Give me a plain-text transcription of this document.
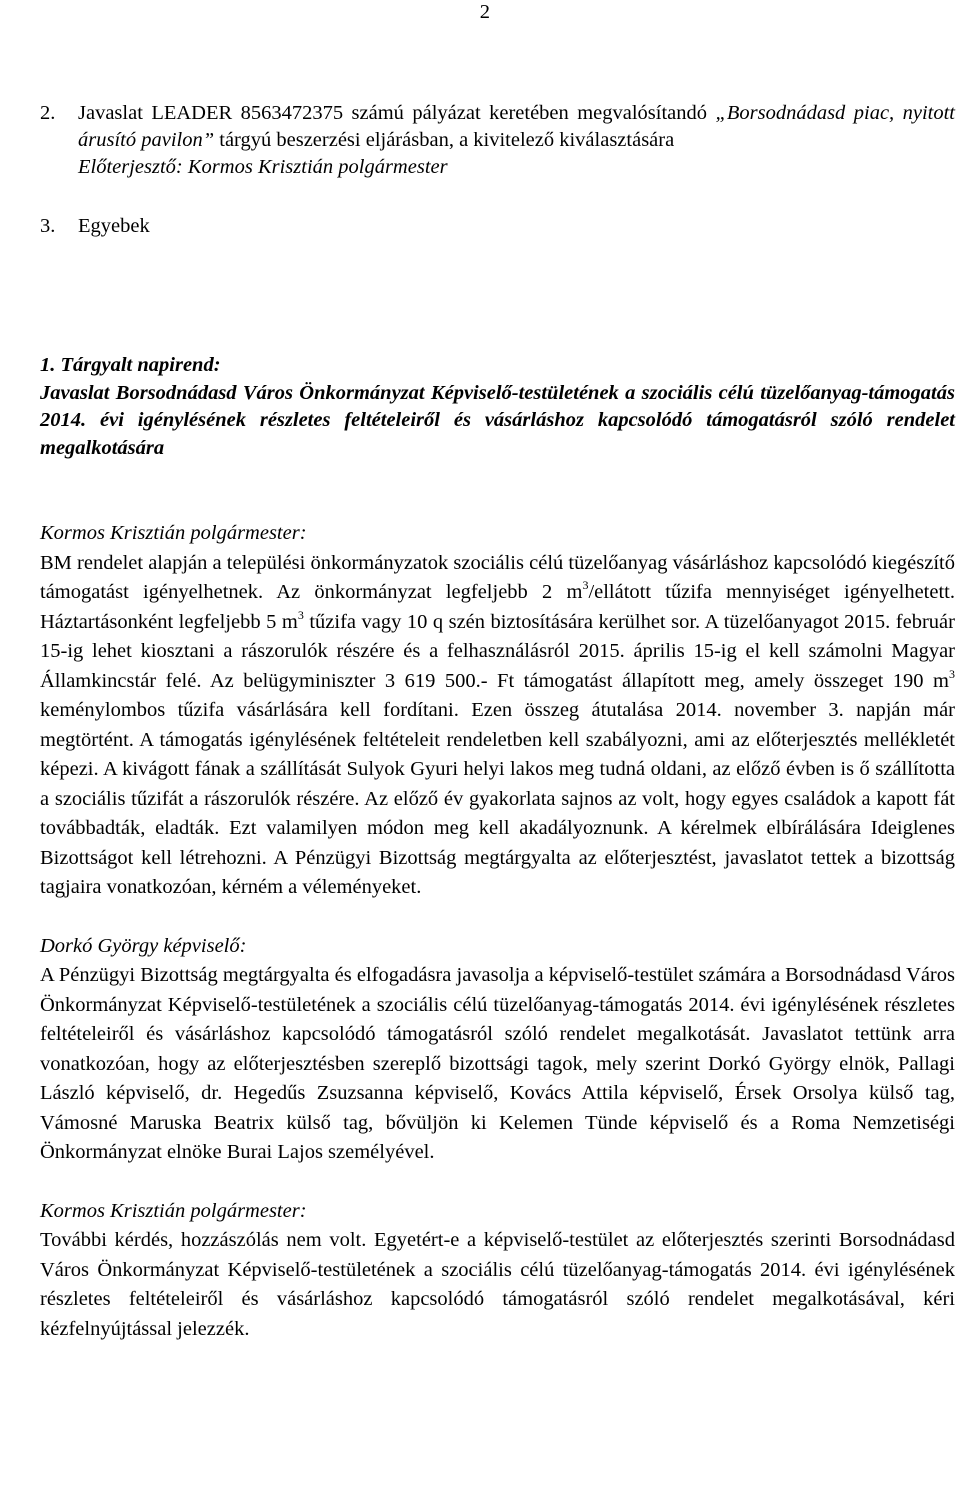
2
2. Javaslat LEADER 8563472375 számú pályázat keretében megvalósítandó „Borsodnádasd piac, nyitott árusító pavilon” tárgyú beszerzési eljárásban, a kivitelező kiválasztására
Előterjesztő: Kormos Krisztián polgármester
3. Egyebek
1. Tárgyalt napirend:
Javaslat Borsodnádasd Város Önkormányzat Képviselő-testületének a szociális célú tüzelőanyag-támogatás 2014. évi igénylésének részletes feltételeiről és vásárláshoz kapcsolódó támogatásról szóló rendelet megalkotására
Kormos Krisztián polgármester:
BM rendelet alapján a települési önkormányzatok szociális célú tüzelőanyag vásárláshoz kapcsolódó kiegészítő támogatást igényelhetnek. Az önkormányzat legfeljebb 2 $m^3$/ellátott tűzifa mennyiséget igényelhetett. Háztartásonként legfeljebb 5 $m^3$ tűzifa vagy 10 q szén biztosítására kerülhet sor. A tüzelőanyagot 2015. február 15-ig lehet kiosztani a rászorulók részére és a felhasználásról 2015. április 15-ig el kell számolni Magyar Államkincstár felé. Az belügyminiszter 3 619 500.- Ft támogatást állapított meg, amely összeget 190 $m^3$ keménylombos tűzifa vásárlására kell fordítani. Ezen összeg átutalása 2014. november 3. napján már megtörtént. A támogatás igénylésének feltételeit rendeletben kell szabályozni, ami az előterjesztés mellékletét képezi. A kivágott fának a szállítását Sulyok Gyuri helyi lakos meg tudná oldani, az előző évben is ő szállította a szociális tűzifát a rászorulók részére. Az előző év gyakorlata sajnos az volt, hogy egyes családok a kapott fát továbbadták, eladták. Ezt valamilyen módon meg kell akadályoznunk. A kérelmek elbírálására Ideiglenes Bizottságot kell létrehozni. A Pénzügyi Bizottság megtárgyalta az előterjesztést, javaslatot tettek a bizottság tagjaira vonatkozóan, kérném a véleményeket.
Dorkó György képviselő:
A Pénzügyi Bizottság megtárgyalta és elfogadásra javasolja a képviselő-testület számára a Borsodnádasd Város Önkormányzat Képviselő-testületének a szociális célú tüzelőanyag-támogatás 2014. évi igénylésének részletes feltételeiről és vásárláshoz kapcsolódó támogatásról szóló rendelet megalkotását. Javaslatot tettünk arra vonatkozóan, hogy az előterjesztésben szereplő bizottsági tagok, mely szerint Dorkó György elnök, Pallagi László képviselő, dr. Hegedűs Zsuzsanna képviselő, Kovács Attila képviselő, Érsek Orsolya külső tag, Vámosné Maruska Beatrix külső tag, bővüljön ki Kelemen Tünde képviselő és a Roma Nemzetiségi Önkormányzat elnöke Burai Lajos személyével.
Kormos Krisztián polgármester:
További kérdés, hozzászólás nem volt. Egyetért-e a képviselő-testület az előterjesztés szerinti Borsodnádasd Város Önkormányzat Képviselő-testületének a szociális célú tüzelőanyag-támogatás 2014. évi igénylésének részletes feltételeiről és vásárláshoz kapcsolódó támogatásról szóló rendelet megalkotásával, kéri kézfelnyújtással jelezzék.
